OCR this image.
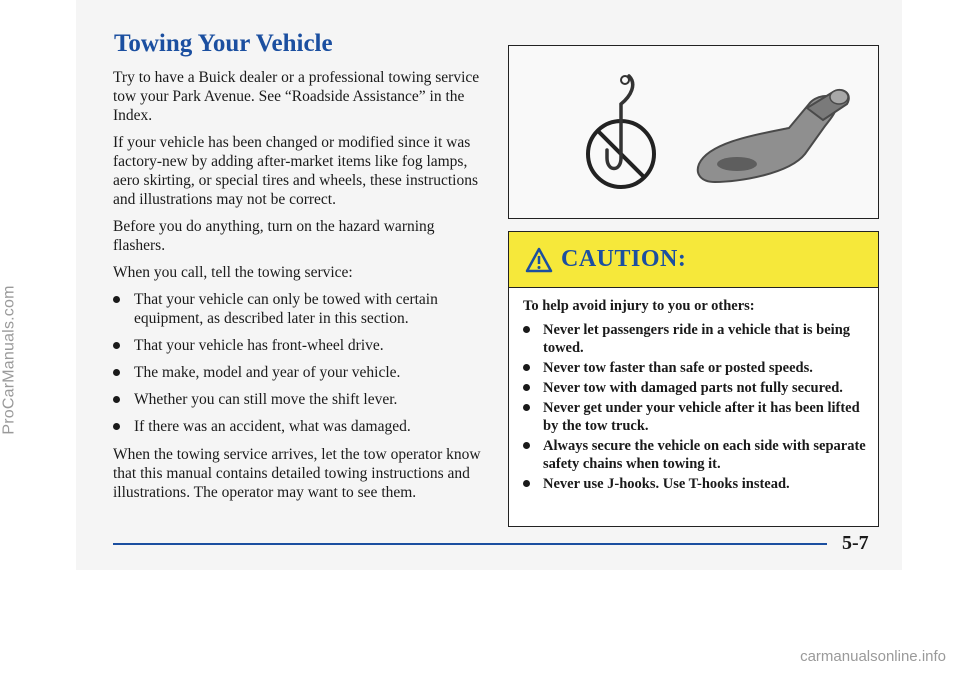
ProCarManuals.com
Towing Your Vehicle

Try to have a Buick dealer or a professional towing service tow your Park Avenue. See “Roadside Assistance” in the Index.

If your vehicle has been changed or modified since it was factory-new by adding after-market items like fog lamps, aero skirting, or special tires and wheels, these instructions and illustrations may not be correct.

Before you do anything, turn on the hazard warning flashers.

When you call, tell the towing service:

That your vehicle can only be towed with certain equipment, as described later in this section.
That your vehicle has front-wheel drive.
The make, model and year of your vehicle.
Whether you can still move the shift lever.
If there was an accident, what was damaged.

When the towing service arrives, let the tow operator know that this manual contains detailed towing instructions and illustrations. The operator may want to see them.

CAUTION:

To help avoid injury to you or others:

Never let passengers ride in a vehicle that is being towed.
Never tow faster than safe or posted speeds.
Never tow with damaged parts not fully secured.
Never get under your vehicle after it has been lifted by the tow truck.
Always secure the vehicle on each side with separate safety chains when towing it.
Never use J-hooks. Use T-hooks instead.
5-7
carmanualsonline.info
